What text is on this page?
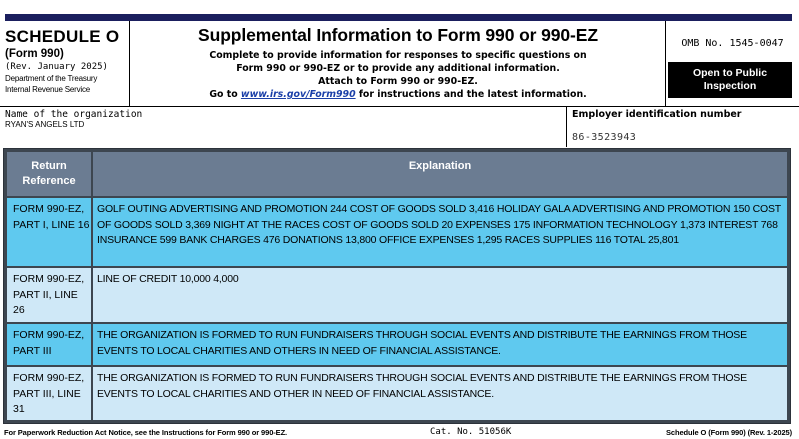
SCHEDULE O
(Form 990)
(Rev. January 2025)
Department of the Treasury
Internal Revenue Service
Supplemental Information to Form 990 or 990-EZ
Complete to provide information for responses to specific questions on
Form 990 or 990-EZ or to provide any additional information.
Attach to Form 990 or 990-EZ.
Go to www.irs.gov/Form990 for instructions and the latest information.
OMB No. 1545-0047
Open to Public
Inspection
Name of the organization
RYAN'S ANGELS LTD
Employer identification number
86-3523943
Return
Reference
Explanation
FORM 990-EZ, PART I, LINE 16
GOLF OUTING ADVERTISING AND PROMOTION 244 COST OF GOODS SOLD 3,416 HOLIDAY GALA ADVERTISING AND PROMOTION 150 COST OF GOODS SOLD 3,369 NIGHT AT THE RACES COST OF GOODS SOLD 20 EXPENSES 175 INFORMATION TECHNOLOGY 1,373 INTEREST 768 INSURANCE 599 BANK CHARGES 476 DONATIONS 13,800 OFFICE EXPENSES 1,295 RACES SUPPLIES 116 TOTAL 25,801
FORM 990-EZ, PART II, LINE 26
LINE OF CREDIT 10,000 4,000
FORM 990-EZ, PART III
THE ORGANIZATION IS FORMED TO RUN FUNDRAISERS THROUGH SOCIAL EVENTS AND DISTRIBUTE THE EARNINGS FROM THOSE EVENTS TO LOCAL CHARITIES AND OTHERS IN NEED OF FINANCIAL ASSISTANCE.
FORM 990-EZ, PART III, LINE 31
THE ORGANIZATION IS FORMED TO RUN FUNDRAISERS THROUGH SOCIAL EVENTS AND DISTRIBUTE THE EARNINGS FROM THOSE EVENTS TO LOCAL CHARITIES AND OTHER IN NEED OF FINANCIAL ASSISTANCE.
For Paperwork Reduction Act Notice, see the Instructions for Form 990 or 990-EZ.	Cat. No. 51056K	Schedule O (Form 990) (Rev. 1-2025)
